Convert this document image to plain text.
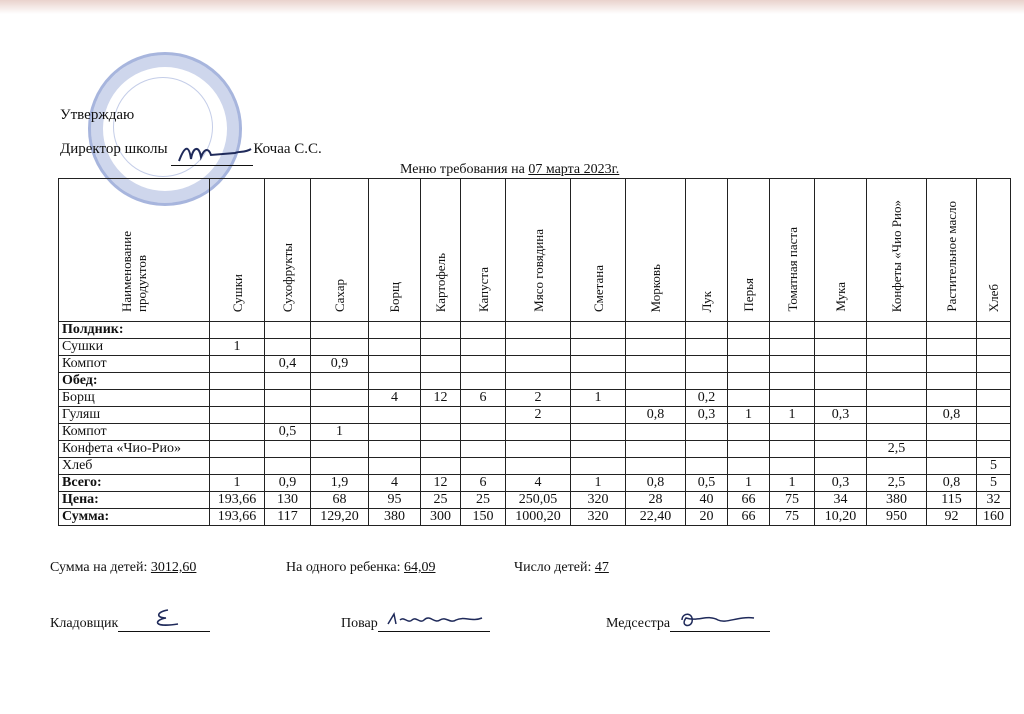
Утверждаю
Директор школы	Кочаа С.С.
Меню требования на 07 марта 2023г.
Наименование продуктов	Сушки	Сухофрукты	Сахар	Борщ	Картофель	Капуста	Мясо говядина	Сметана	Морковь	Лук	Перья	Томатная паста	Мука	Конфеты «Чио Рио»	Растительное масло	Хлеб
Полдник:																
Сушки	1															
Компот		0,4	0,9													
Обед:																
Борщ				4	12	6	2	1		0,2						
Гуляш							2		0,8	0,3	1	1	0,3		0,8	
Компот		0,5	1													
Конфета «Чио-Рио»														2,5		
Хлеб																5
Всего:	1	0,9	1,9	4	12	6	4	1	0,8	0,5	1	1	0,3	2,5	0,8	5
Цена:	193,66	130	68	95	25	25	250,05	320	28	40	66	75	34	380	115	32
Сумма:	193,66	117	129,20	380	300	150	1000,20	320	22,40	20	66	75	10,20	950	92	160
Сумма на детей: 3012,60	На одного ребенка: 64,09	Число детей: 47
Кладовщик	Повар	Медсестра
